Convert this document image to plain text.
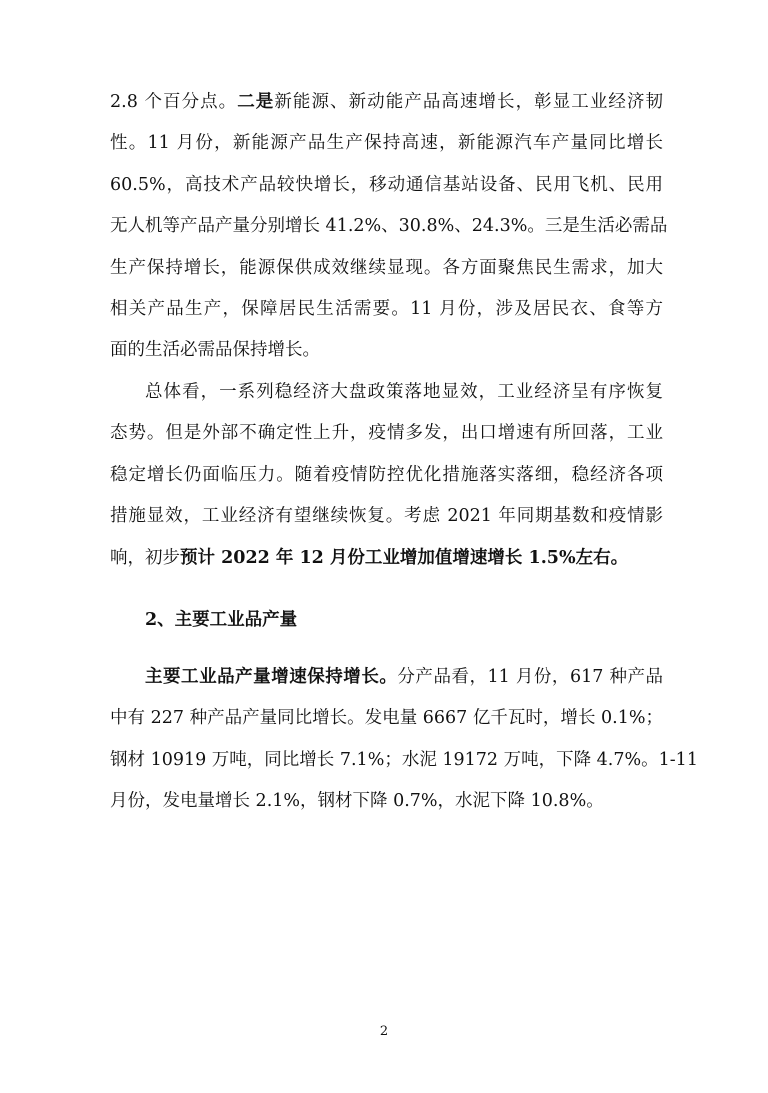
2.8 个百分点。二是新能源、新动能产品高速增长，彰显工业经济韧
性。11 月份，新能源产品生产保持高速，新能源汽车产量同比增长
60.5%，高技术产品较快增长，移动通信基站设备、民用飞机、民用
无人机等产品产量分别增长 41.2%、30.8%、24.3%。三是生活必需品
生产保持增长，能源保供成效继续显现。各方面聚焦民生需求，加大
相关产品生产，保障居民生活需要。11 月份，涉及居民衣、食等方
面的生活必需品保持增长。
总体看，一系列稳经济大盘政策落地显效，工业经济呈有序恢复
态势。但是外部不确定性上升，疫情多发，出口增速有所回落，工业
稳定增长仍面临压力。随着疫情防控优化措施落实落细，稳经济各项
措施显效，工业经济有望继续恢复。考虑 2021 年同期基数和疫情影
响，初步预计 2022 年 12 月份工业增加值增速增长 1.5%左右。
2、主要工业品产量
主要工业品产量增速保持增长。分产品看，11 月份，617 种产品
中有 227 种产品产量同比增长。发电量 6667 亿千瓦时，增长 0.1%；
钢材 10919 万吨，同比增长 7.1%；水泥 19172 万吨，下降 4.7%。1-11
月份，发电量增长 2.1%，钢材下降 0.7%，水泥下降 10.8%。
2
